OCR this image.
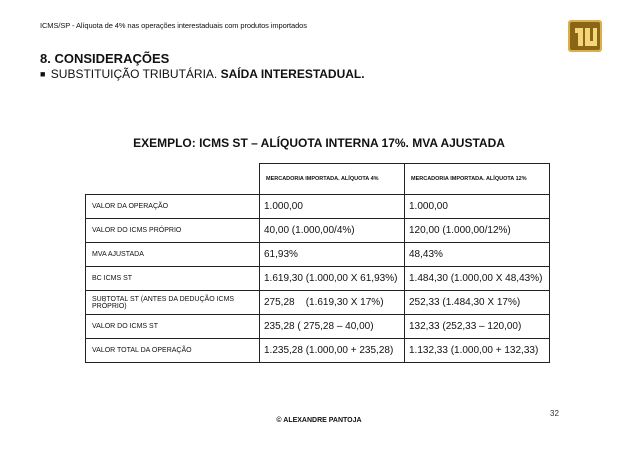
ICMS/SP - Alíquota de 4% nas operações interestaduais com produtos importados
8. CONSIDERAÇÕES
■ SUBSTITUIÇÃO TRIBUTÁRIA. SAÍDA INTERESTADUAL.
EXEMPLO: ICMS ST – ALÍQUOTA INTERNA 17%. MVA AJUSTADA
	MERCADORIA IMPORTADA. ALÍQUOTA 4%	MERCADORIA IMPORTADA. ALÍQUOTA 12%
VALOR DA OPERAÇÃO	1.000,00	1.000,00
VALOR DO ICMS PRÓPRIO	40,00 (1.000,00/4%)	120,00 (1.000,00/12%)
MVA AJUSTADA	61,93%	48,43%
BC ICMS ST	1.619,30 (1.000,00 X 61,93%)	1.484,30 (1.000,00 X 48,43%)
SUBTOTAL ST (ANTES DA DEDUÇÃO ICMS PRÓPRIO)	275,28    (1.619,30 X 17%)	252,33 (1.484,30 X 17%)
VALOR DO ICMS ST	235,28 ( 275,28 – 40,00)	132,33 (252,33 – 120,00)
VALOR TOTAL DA OPERAÇÃO	1.235,28 (1.000,00 + 235,28)	1.132,33 (1.000,00 + 132,33)
32
© ALEXANDRE PANTOJA
